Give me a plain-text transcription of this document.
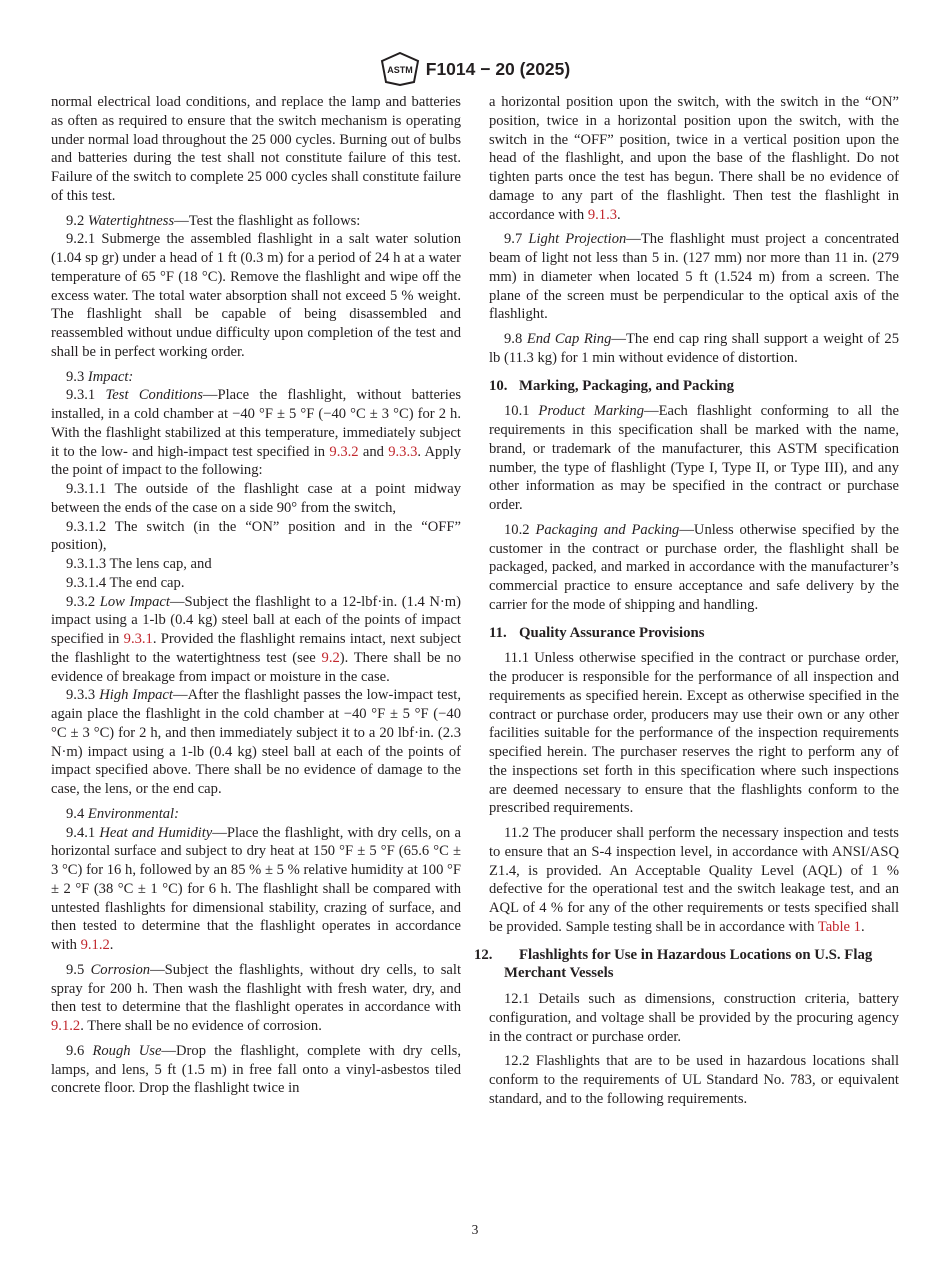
ASTM F1014 − 20 (2025)

normal electrical load conditions, and replace the lamp and batteries as often as required to ensure that the switch mechanism is operating under normal load throughout the 25 000 cycles. Burning out of bulbs and batteries during the test shall not constitute failure of this test. Failure of the switch to complete 25 000 cycles shall constitute failure of this test.

9.2 Watertightness—Test the flashlight as follows:

9.2.1 Submerge the assembled flashlight in a salt water solution (1.04 sp gr) under a head of 1 ft (0.3 m) for a period of 24 h at a water temperature of 65 °F (18 °C). Remove the flashlight and wipe off the excess water. The total water absorption shall not exceed 5 % weight. The flashlight shall be capable of being disassembled and reassembled without undue difficulty upon completion of the test and shall be in perfect working order.

9.3 Impact:

9.3.1 Test Conditions—Place the flashlight, without batteries installed, in a cold chamber at −40 °F ± 5 °F (−40 °C ± 3 °C) for 2 h. With the flashlight stabilized at this temperature, immediately subject it to the low- and high-impact test specified in 9.3.2 and 9.3.3. Apply the point of impact to the following:

9.3.1.1 The outside of the flashlight case at a point midway between the ends of the case on a side 90° from the switch,

9.3.1.2 The switch (in the “ON” position and in the “OFF” position),

9.3.1.3 The lens cap, and

9.3.1.4 The end cap.

9.3.2 Low Impact—Subject the flashlight to a 12-lbf·in. (1.4 N·m) impact using a 1-lb (0.4 kg) steel ball at each of the points of impact specified in 9.3.1. Provided the flashlight remains intact, next subject the flashlight to the watertightness test (see 9.2). There shall be no evidence of breakage from impact or moisture in the case.

9.3.3 High Impact—After the flashlight passes the low-impact test, again place the flashlight in the cold chamber at −40 °F ± 5 °F (−40 °C ± 3 °C) for 2 h, and then immediately subject it to a 20 lbf·in. (2.3 N·m) impact using a 1-lb (0.4 kg) steel ball at each of the points of impact specified above. There shall be no evidence of damage to the case, the lens, or the end cap.

9.4 Environmental:

9.4.1 Heat and Humidity—Place the flashlight, with dry cells, on a horizontal surface and subject to dry heat at 150 °F ± 5 °F (65.6 °C ± 3 °C) for 16 h, followed by an 85 % ± 5 % relative humidity at 100 °F ± 2 °F (38 °C ± 1 °C) for 6 h. The flashlight shall be compared with untested flashlights for dimensional stability, crazing of surface, and then tested to determine that the flashlight operates in accordance with 9.1.2.

9.5 Corrosion—Subject the flashlights, without dry cells, to salt spray for 200 h. Then wash the flashlight with fresh water, dry, and then test to determine that the flashlight operates in accordance with 9.1.2. There shall be no evidence of corrosion.

9.6 Rough Use—Drop the flashlight, complete with dry cells, lamps, and lens, 5 ft (1.5 m) in free fall onto a vinyl-asbestos tiled concrete floor. Drop the flashlight twice in

a horizontal position upon the switch, with the switch in the “ON” position, twice in a horizontal position upon the switch, with the switch in the “OFF” position, twice in a vertical position upon the head of the flashlight, and upon the base of the flashlight. Do not tighten parts once the test has begun. There shall be no evidence of damage to any part of the flashlight. Then test the flashlight in accordance with 9.1.3.

9.7 Light Projection—The flashlight must project a concentrated beam of light not less than 5 in. (127 mm) nor more than 11 in. (279 mm) in diameter when located 5 ft (1.524 m) from a screen. The plane of the screen must be perpendicular to the optical axis of the flashlight.

9.8 End Cap Ring—The end cap ring shall support a weight of 25 lb (11.3 kg) for 1 min without evidence of distortion.

10. Marking, Packaging, and Packing

10.1 Product Marking—Each flashlight conforming to all the requirements in this specification shall be marked with the name, brand, or trademark of the manufacturer, this ASTM specification number, the type of flashlight (Type I, Type II, or Type III), and any other information as may be specified in the contract or purchase order.

10.2 Packaging and Packing—Unless otherwise specified by the customer in the contract or purchase order, the flashlight shall be packaged, packed, and marked in accordance with the manufacturer’s commercial practice to ensure acceptance and safe delivery by the carrier for the mode of shipping and handling.

11. Quality Assurance Provisions

11.1 Unless otherwise specified in the contract or purchase order, the producer is responsible for the performance of all inspection and requirements as specified herein. Except as otherwise specified in the contract or purchase order, producers may use their own or any other facilities suitable for the performance of the inspection requirements specified herein. The purchaser reserves the right to perform any of the inspections set forth in this specification where such inspections are deemed necessary to ensure that the flashlights conform to the prescribed requirements.

11.2 The producer shall perform the necessary inspection and tests to ensure that an S-4 inspection level, in accordance with ANSI/ASQ Z1.4, is provided. An Acceptable Quality Level (AQL) of 1 % defective for the operational test and the switch leakage test, and an AQL of 4 % for any of the other requirements or tests specified shall be provided. Sample testing shall be in accordance with Table 1.

12. Flashlights for Use in Hazardous Locations on U.S. Flag Merchant Vessels

12.1 Details such as dimensions, construction criteria, battery configuration, and voltage shall be provided by the procuring agency in the contract or purchase order.

12.2 Flashlights that are to be used in hazardous locations shall conform to the requirements of UL Standard No. 783, or equivalent standard, and to the following requirements.

3
